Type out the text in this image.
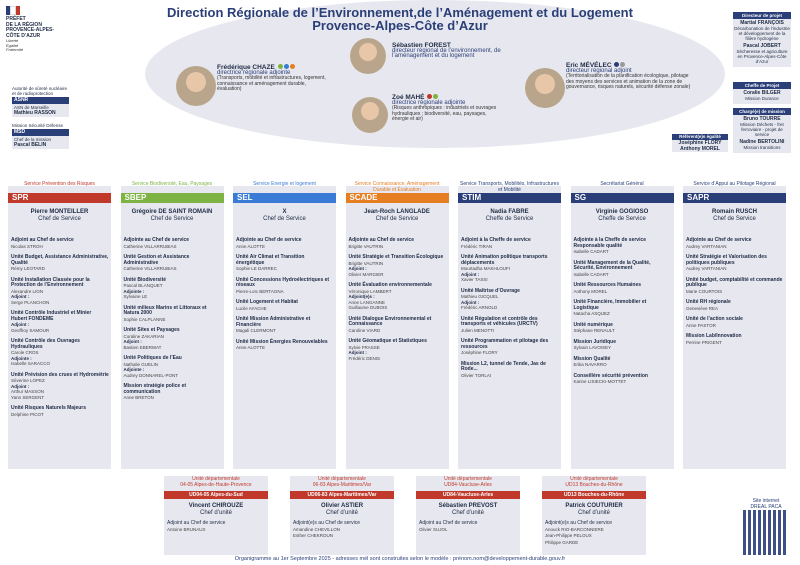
Direction Régionale de l’Environnement,de l’Aménagement et du Logement
Provence-Alpes-Côte d’Azur
PRÉFET
DE LA RÉGION
PROVENCE-ALPES-
CÔTE D’AZUR
Liberté
Égalité
Fraternité
Autorité de sûreté nucléaire et de radioprotection
ASNR
ASN de Marseille
Mathieu RASSON
Mission Sécurité Défense
MSD
Chef de la mission
Pascal BELIN
Sébastien FOREST
directeur régional de l’environnement, de l’aménagement et du logement
Frédérique CHAZE
directrice régionale adjointe
(Transports, mobilité et infrastructures, logement, connaissance et aménagement durable, évaluation)
Zoé MAHÉ
directrice régionale adjointe
(Risques anthropiques : industriels et ouvrages hydrauliques ; biodiversité, eau, paysages, énergie et air)
Eric MÉVÉLEC
directeur régional adjoint
(Territorialisation de la planification écologique, pilotage des moyens des services et animation de la zone de gouvernance, risques naturels, sécurité défense zonale)
Directeur de projet
Martial FRANÇOIS
Décarbonation de l’industrie et développement de la filière hydrogène
Pascal JOBERT
Sécheresse et agriculture en Provence-Alpes-Côte d’Azur
Cheffe de Projet
Coralie BILGER
Mission Durance
Chargé(e) de mission
Bruno TOURRE
Mission Déchets - fret ferroviaire - projet de service
Nadine BERTOLINI
Mission transitions
Référent(e)s égalité
Joséphine FLORY
Anthony MOREL
Service Prévention des Risques
SPR
Pierre MONTEILLER
Chef de Service
Adjoint au Chef de service
Nicolas STROH
Unité Budget, Assistance Administrative, Qualité
Rémy LEOTARD
Unité Installation Classée pour la Protection de l’Environnement
Alexandre LION
Adjoint :
Serge PLANCHON
Unité Contrôle Industriel et Minier
Hubert FONDEME
Adjoint :
Geoffroy SAMOUR
Unité Contrôle des Ouvrages Hydrauliques
Carole CROS
Adjointe :
Isabelle SARACCO
Unité Prévision des crues et Hydrométrie
Séverine LOPEZ
Adjoint :
Arthur MASSON
Yann SERGENT
Unité Risques Naturels Majeurs
Delphine PICOT
Service Biodiversité, Eau, Paysages
SBEP
Grégoire DE SAINT ROMAIN
Chef de Service
Adjointe au Chef de service
Catherine VILLARRUBIAS
Unité Gestion et Assistance Administrative
Catherine VILLARRUBIAS
Unité Biodiversité
Pascal BLANQUET
Adjointe :
Sylvaine LE
Unité milieux Marins et Littoraux et Natura 2000
Sophie CALPLANNE
Unité Sites et Paysages
Coraline ZAKARIAN
Adjoint :
Bastien EBERWAT
Unité Politiques de l’Eau
Nathalie GUELIN
Adjointe :
Audrey DONNAREL-PONT
Mission stratégie police et communication
Anne BRETON
Service Energie et logement
SEL
X
Chef de Service
Adjointe au Chef de service
Anne ALOTTE
Unité Air Climat et Transition énergétique
Sophie LE DARREC
Unité Concessions Hydroélectriques et réseaux
Pierre-Loïc BERTAGNA
Unité Logement et Habitat
Lucile AYACHE
Unité Mission Administrative et Financière
Magali CLERMONT
Unité Mission Énergies Renouvelables
Anne ALOTTE
Service Connaissance, Aménagement Durable et Évaluation
SCADE
Jean-Roch LANGLADE
Chef de Service
Adjointe au Chef de service
Brigitte VAUTRIN
Unité Stratégie et Transition Écologique
Brigitte VAUTRIN
Adjoint :
Olivier MARGIER
Unité Évaluation environnementale
Véronique LAMBERT
Adjoint(e)s :
Anne LANGANNE
Guillaume DUBOIS
Unité Dialogue Environnemental et Connaissance
Caroline VIARD
Unité Géomatique et Statistiques
Sylvie FRASSE
Adjoint :
Frédéric DENIS
Service Transports, Mobilités, Infrastructures et Mobilité
STIM
Nadia FABRE
Cheffe de Service
Adjoint à la Cheffe de service
Frédéric TIRAN
Unité Animation politique transports déplacements
Mourtadha MAKHLOUFI
Adjoint :
Xavier TASSI
Unité Maîtrise d’Ouvrage
Mathieu GICQUEL
Adjoint :
Frédéric ARNOLD
Unité Régulation et contrôle des transports et véhicules (URCTV)
Julien MENOTTI
Unité Programmation et pilotage des ressources
Joséphine FLORY
Mission L2, tunnel de Tende, Jas de Rode...
Olivier TORLAI
Secrétariat Général
SG
Virginie GOGIOSO
Cheffe de Service
Adjointe à la Cheffe de service Responsable qualité
Isabelle CADART
Unité Management de la Qualité, Sécurité, Environnement
Isabelle CADART
Unité Ressources Humaines
Anthony MOREL
Unité Financière, Immobilier et Logistique
Natacha ASQUEZ
Unité numérique
Stéphane RENAULT
Mission Juridique
Sylvain LAVOISEY
Mission Qualité
Erika NAVARRO
Conseillère sécurité prévention
Karine LISIECKI-MOTTET
Service d’Appui au Pilotage Régional
SAPR
Romain RUSCH
Chef de Service
Adjointe au Chef de service
Audrey VARTANIAN
Unité Stratégie et Valorisation des politiques publiques
Audrey VARTANIAN
Unité budget, comptabilité et commande publique
Marie COURTOIS
Unité RH régionale
Geneviève REA
Unité de l’action sociale
Anne PASTOR
Mission Lab/Innovation
Perrine PRIGENT
Unité départementale
04-05 Alpes-de-Haute-Provence
UD04-05 Alpes-du-Sud
Vincent CHIROUZE
Chef d’unité
Adjoint au Chef de service
Antoine BRUNAUX
Unité départementale
06-83 Alpes-Maritimes/Var
UD06-83 Alpes-Maritimes/Var
Olivier ASTIER
Chef d’unité
Adjoint(e)s au Chef de service
Amandine CHEVILLON
Esther CHEKROUN
Unité départementale
UD84-Vaucluse-Arles
UD84-Vaucluse-Arles
Sébastien PREVOST
Chef d’unité
Adjoint au Chef de service
Olivier SUJOL
Unité départementale
UD13 Bouches-du-Rhône
UD13 Bouches-du-Rhône
Patrick COUTURIER
Chef d’unité
Adjoint(e)s au Chef de service
Anouck RIO-BARCONNIERE
Jean-Philippe PELOUX
Philippe GARDE
Site internet
DREAL PACA
Organigramme au 1er Septembre 2025 - adresses mél sont construites selon le modèle : prénom.nom@developpement-durable.gouv.fr
